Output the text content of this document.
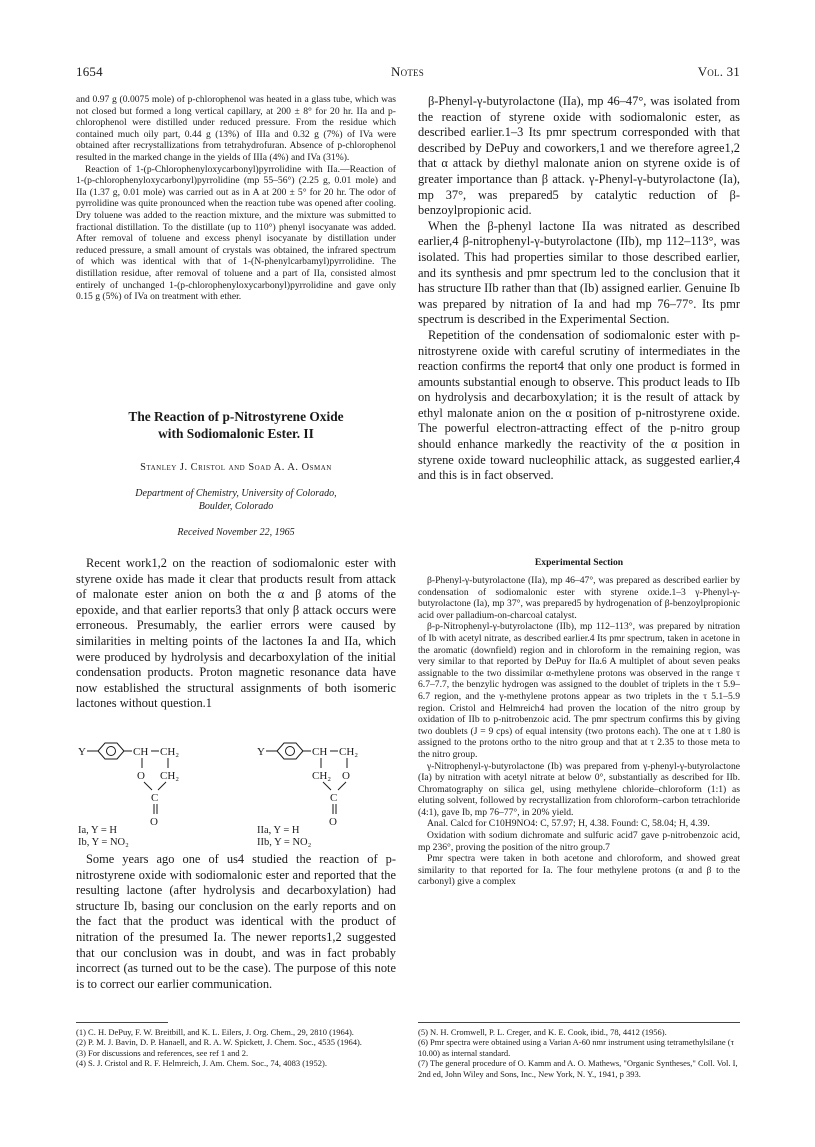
1654	Notes	Vol. 31

and 0.97 g (0.0075 mole) of p-chlorophenol was heated in a glass tube, which was not closed but formed a long vertical capillary, at 200 ± 8° for 20 hr. IIa and p-chlorophenol were distilled under reduced pressure. From the residue which contained much oily part, 0.44 g (13%) of IIIa and 0.32 g (7%) of IVa were obtained after recrystallizations from tetrahydrofuran. Absence of p-chlorophenol resulted in the marked change in the yields of IIIa (4%) and IVa (31%).

Reaction of 1-(p-Chlorophenyloxycarbonyl)pyrrolidine with IIa.—Reaction of 1-(p-chlorophenyloxycarbonyl)pyrrolidine (mp 55–56°) (2.25 g, 0.01 mole) and IIa (1.37 g, 0.01 mole) was carried out as in A at 200 ± 5° for 20 hr. The odor of pyrrolidine was quite pronounced when the reaction tube was opened after cooling. Dry toluene was added to the reaction mixture, and the mixture was submitted to fractional distillation. To the distillate (up to 110°) phenyl isocyanate was added. After removal of toluene and excess phenyl isocyanate by distillation under reduced pressure, a small amount of crystals was obtained, the infrared spectrum of which was identical with that of 1-(N-phenylcarbamyl)pyrrolidine. The distillation residue, after removal of toluene and a part of IIa, consisted almost entirely of unchanged 1-(p-chlorophenyloxycarbonyl)pyrrolidine and gave only 0.15 g (5%) of IVa on treatment with ether.

The Reaction of p-Nitrostyrene Oxide
with Sodiomalonic Ester. II
Stanley J. Cristol and Soad A. A. Osman
Department of Chemistry, University of Colorado,
Boulder, Colorado
Received November 22, 1965

Recent work1,2 on the reaction of sodiomalonic ester with styrene oxide has made it clear that products result from attack of malonate ester anion on both the α and β atoms of the epoxide, and that earlier reports3 that only β attack occurs were erroneous. Presumably, the earlier errors were caused by similarities in melting points of the lactones Ia and IIa, which were produced by hydrolysis and decarboxylation of the initial condensation products. Proton magnetic resonance data have now established the structural assignments of both isomeric lactones without question.1

Y	CH CH₂
O CH₂
C
O
Ia, Y = H
Ib, Y = NO₂
Y	CH CH₂
CH₂ O
C
O
IIa, Y = H
IIb, Y = NO₂

Some years ago one of us4 studied the reaction of p-nitrostyrene oxide with sodiomalonic ester and reported that the resulting lactone (after hydrolysis and decarboxylation) had structure Ib, basing our conclusion on the early reports and on the fact that the product was identical with the product of nitration of the presumed Ia. The newer reports1,2 suggested that our conclusion was in doubt, and was in fact probably incorrect (as turned out to be the case). The purpose of this note is to correct our earlier communication.

(1) C. H. DePuy, F. W. Breitbill, and K. L. Eilers, J. Org. Chem., 29, 2810 (1964).

(2) P. M. J. Bavin, D. P. Hanaell, and R. A. W. Spickett, J. Chem. Soc., 4535 (1964).

(3) For discussions and references, see ref 1 and 2.

(4) S. J. Cristol and R. F. Helmreich, J. Am. Chem. Soc., 74, 4083 (1952).

β-Phenyl-γ-butyrolactone (IIa), mp 46–47°, was isolated from the reaction of styrene oxide with sodiomalonic ester, as described earlier.1–3 Its pmr spectrum corresponded with that described by DePuy and coworkers,1 and we therefore agree1,2 that α attack by diethyl malonate anion on styrene oxide is of greater importance than β attack. γ-Phenyl-γ-butyrolactone (Ia), mp 37°, was prepared5 by catalytic reduction of β-benzoylpropionic acid.

When the β-phenyl lactone IIa was nitrated as described earlier,4 β-nitrophenyl-γ-butyrolactone (IIb), mp 112–113°, was isolated. This had properties similar to those described earlier, and its synthesis and pmr spectrum led to the conclusion that it has structure IIb rather than that (Ib) assigned earlier. Genuine Ib was prepared by nitration of Ia and had mp 76–77°. Its pmr spectrum is described in the Experimental Section.

Repetition of the condensation of sodiomalonic ester with p-nitrostyrene oxide with careful scrutiny of intermediates in the reaction confirms the report4 that only one product is formed in amounts substantial enough to observe. This product leads to IIb on hydrolysis and decarboxylation; it is the result of attack by ethyl malonate anion on the α position of p-nitrostyrene oxide. The powerful electron-attracting effect of the p-nitro group should enhance markedly the reactivity of the α position in styrene oxide toward nucleophilic attack, as suggested earlier,4 and this is in fact observed.

Experimental Section

β-Phenyl-γ-butyrolactone (IIa), mp 46–47°, was prepared as described earlier by condensation of sodiomalonic ester with styrene oxide.1–3 γ-Phenyl-γ-butyrolactone (Ia), mp 37°, was prepared5 by hydrogenation of β-benzoylpropionic acid over palladium-on-charcoal catalyst.

β-p-Nitrophenyl-γ-butyrolactone (IIb), mp 112–113°, was prepared by nitration of Ib with acetyl nitrate, as described earlier.4 Its pmr spectrum, taken in acetone in the aromatic (downfield) region and in chloroform in the remaining region, was very similar to that reported by DePuy for IIa.6 A multiplet of about seven peaks assignable to the two dissimilar α-methylene protons was observed in the range τ 6.7–7.7, the benzylic hydrogen was assigned to the doublet of triplets in the τ 5.9–6.7 region, and the γ-methylene protons appear as two triplets in the τ 5.1–5.9 region. Cristol and Helmreich4 had proven the location of the nitro group by oxidation of IIb to p-nitrobenzoic acid. The pmr spectrum confirms this by giving two doublets (J = 9 cps) of equal intensity (two protons each). The one at τ 1.80 is assigned to the protons ortho to the nitro group and that at τ 2.35 to those meta to the nitro group.

γ-Nitrophenyl-γ-butyrolactone (Ib) was prepared from γ-phenyl-γ-butyrolactone (Ia) by nitration with acetyl nitrate at below 0°, substantially as described for IIb. Chromatography on silica gel, using methylene chloride–chloroform (1:1) as eluting solvent, followed by recrystallization from chloroform–carbon tetrachloride (4:1), gave Ib, mp 76–77°, in 20% yield.

Anal. Calcd for C10H9NO4: C, 57.97; H, 4.38. Found: C, 58.04; H, 4.39.

Oxidation with sodium dichromate and sulfuric acid7 gave p-nitrobenzoic acid, mp 236°, proving the position of the nitro group.7

Pmr spectra were taken in both acetone and chloroform, and showed great similarity to that reported for Ia. The four methylene protons (α and β to the carbonyl) give a complex

(5) N. H. Cromwell, P. L. Creger, and K. E. Cook, ibid., 78, 4412 (1956).

(6) Pmr spectra were obtained using a Varian A-60 nmr instrument using tetramethylsilane (τ 10.00) as internal standard.

(7) The general procedure of O. Kamm and A. O. Mathews, "Organic Syntheses," Coll. Vol. I, 2nd ed, John Wiley and Sons, Inc., New York, N. Y., 1941, p 393.
